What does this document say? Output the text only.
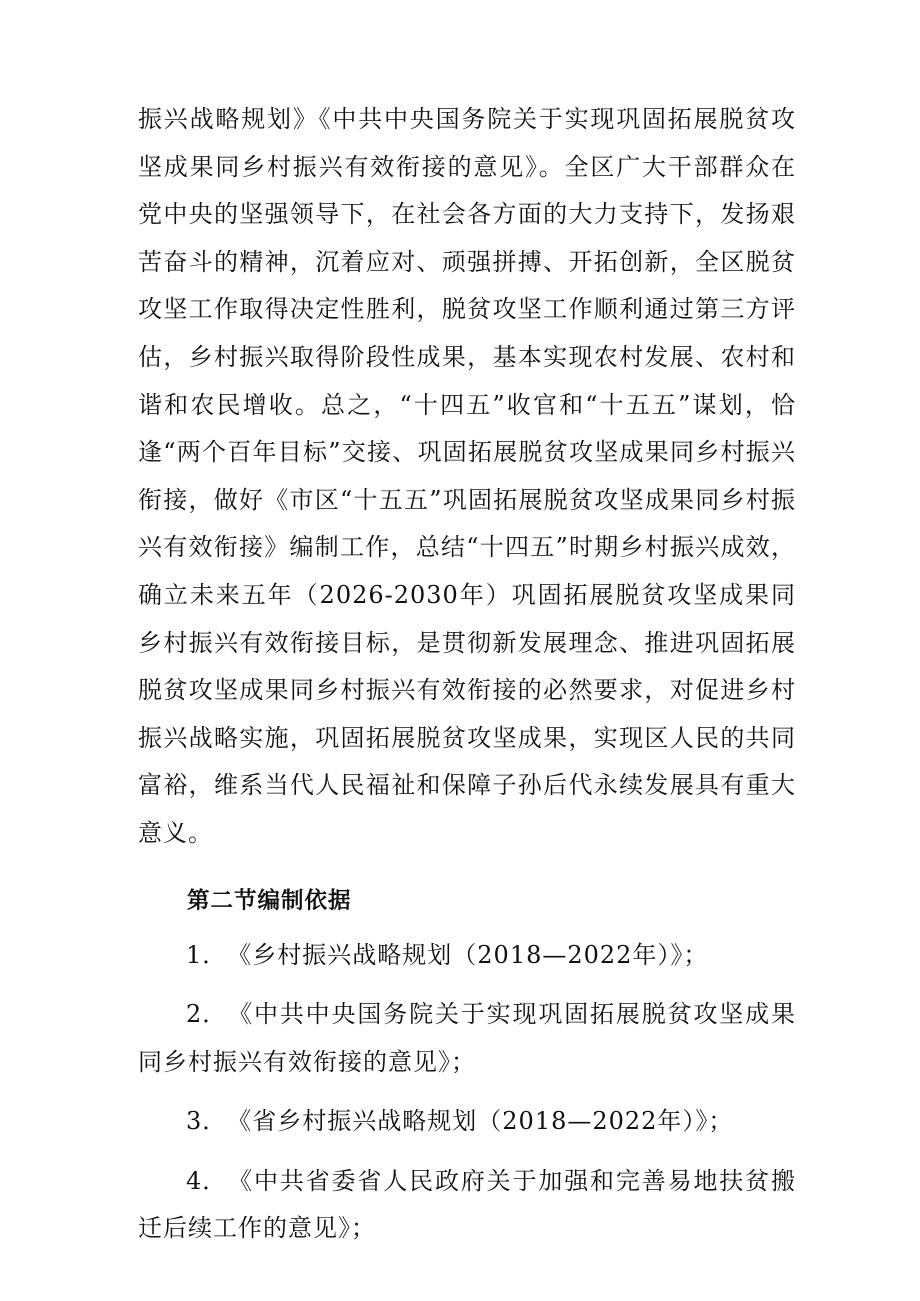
振兴战略规划》《中共中央国务院关于实现巩固拓展脱贫攻坚成果同乡村振兴有效衔接的意见》。全区广大干部群众在党中央的坚强领导下，在社会各方面的大力支持下，发扬艰苦奋斗的精神，沉着应对、顽强拼搏、开拓创新，全区脱贫攻坚工作取得决定性胜利，脱贫攻坚工作顺利通过第三方评估，乡村振兴取得阶段性成果，基本实现农村发展、农村和谐和农民增收。总之，“十四五”收官和“十五五”谋划，恰逢“两个百年目标”交接、巩固拓展脱贫攻坚成果同乡村振兴衔接，做好《市区“十五五”巩固拓展脱贫攻坚成果同乡村振兴有效衔接》编制工作，总结“十四五”时期乡村振兴成效，确立未来五年（2026-2030年）巩固拓展脱贫攻坚成果同乡村振兴有效衔接目标，是贯彻新发展理念、推进巩固拓展脱贫攻坚成果同乡村振兴有效衔接的必然要求，对促进乡村振兴战略实施，巩固拓展脱贫攻坚成果，实现区人民的共同富裕，维系当代人民福祉和保障子孙后代永续发展具有重大意义。

第二节编制依据
1．《乡村振兴战略规划（2018—2022年）》；
2．《中共中央国务院关于实现巩固拓展脱贫攻坚成果同乡村振兴有效衔接的意见》；
3．《省乡村振兴战略规划（2018—2022年）》；
4．《中共省委省人民政府关于加强和完善易地扶贫搬迁后续工作的意见》；
